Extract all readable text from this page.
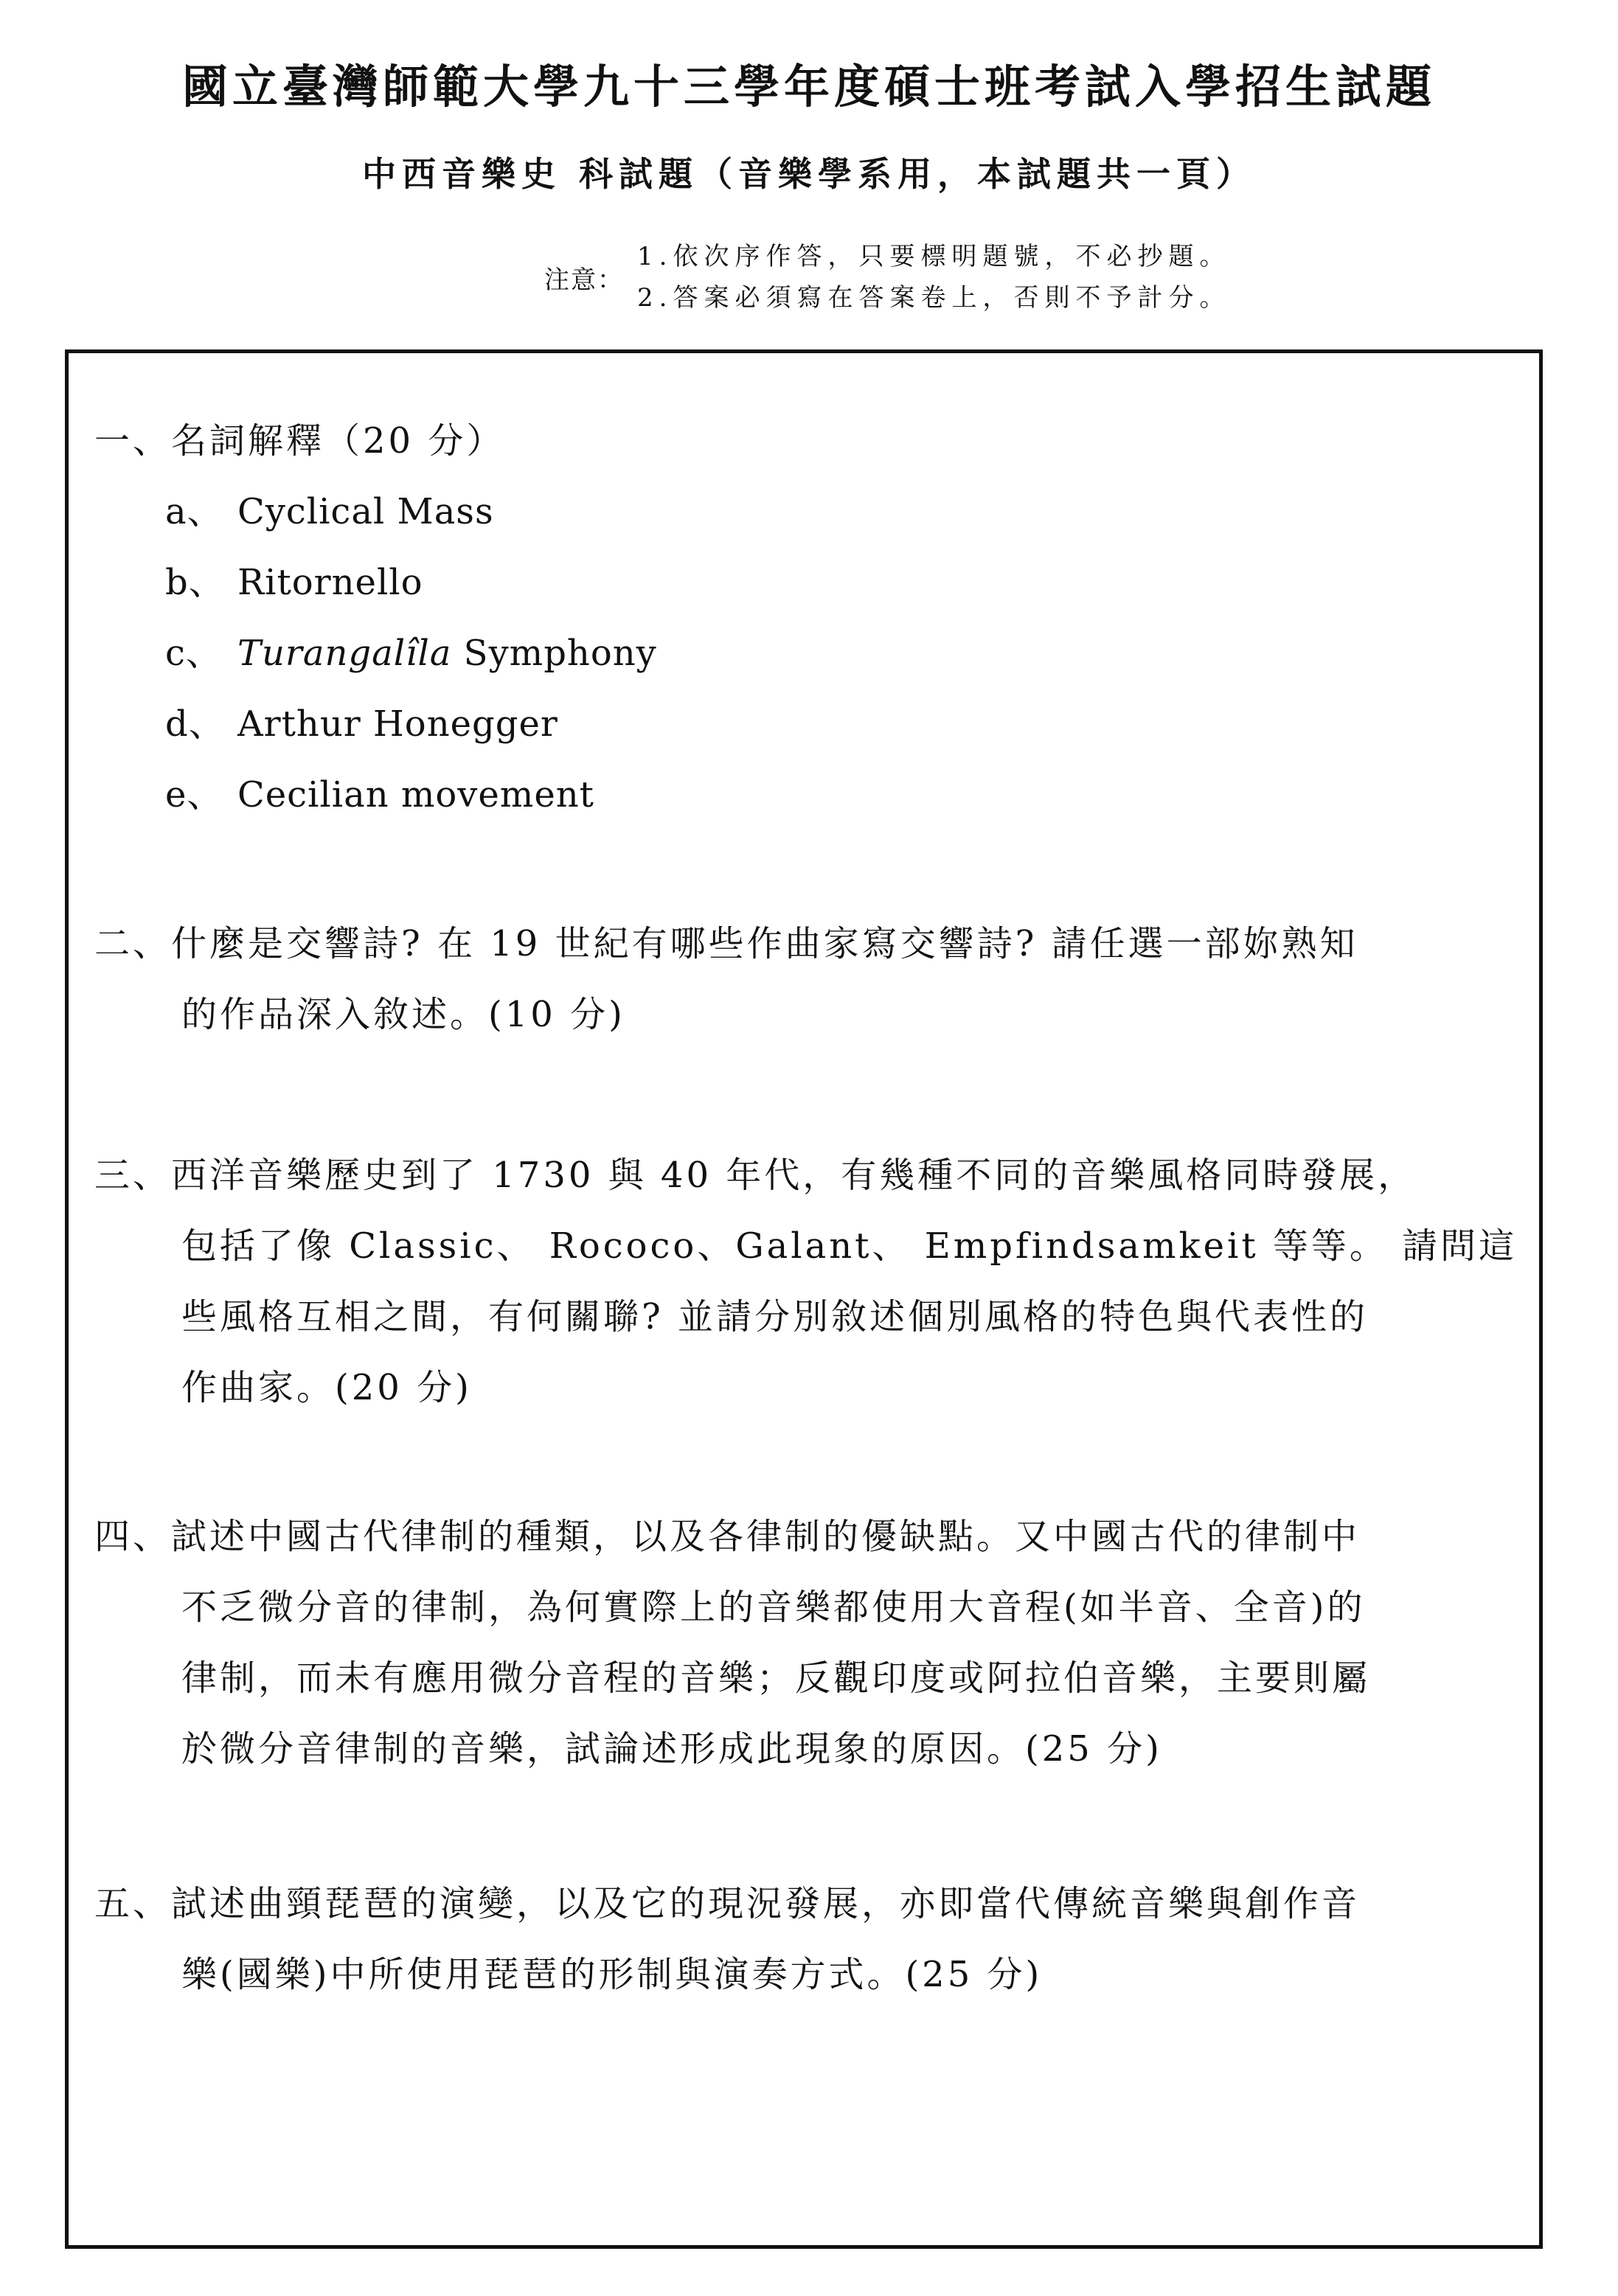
國立臺灣師範大學九十三學年度碩士班考試入學招生試題
中西音樂史 科試題（音樂學系用，本試題共一頁）
注意：
1.依次序作答，只要標明題號，不必抄題。
2.答案必須寫在答案卷上，否則不予計分。
一、名詞解釋（20 分）
a、 Cyclical Mass
b、 Ritornello
c、 Turangalîla Symphony
d、 Arthur Honegger
e、 Cecilian movement
二、什麼是交響詩? 在 19 世紀有哪些作曲家寫交響詩? 請任選一部妳熟知
的作品深入敘述。(10 分)
三、西洋音樂歷史到了 1730 與 40 年代，有幾種不同的音樂風格同時發展，
包括了像 Classic、 Rococo、Galant、 Empfindsamkeit 等等。 請問這
些風格互相之間，有何關聯? 並請分別敘述個別風格的特色與代表性的
作曲家。(20 分)
四、試述中國古代律制的種類，以及各律制的優缺點。又中國古代的律制中
不乏微分音的律制，為何實際上的音樂都使用大音程(如半音、全音)的
律制，而未有應用微分音程的音樂；反觀印度或阿拉伯音樂，主要則屬
於微分音律制的音樂，試論述形成此現象的原因。(25 分)
五、試述曲頸琵琶的演變，以及它的現況發展，亦即當代傳統音樂與創作音
樂(國樂)中所使用琵琶的形制與演奏方式。(25 分)
